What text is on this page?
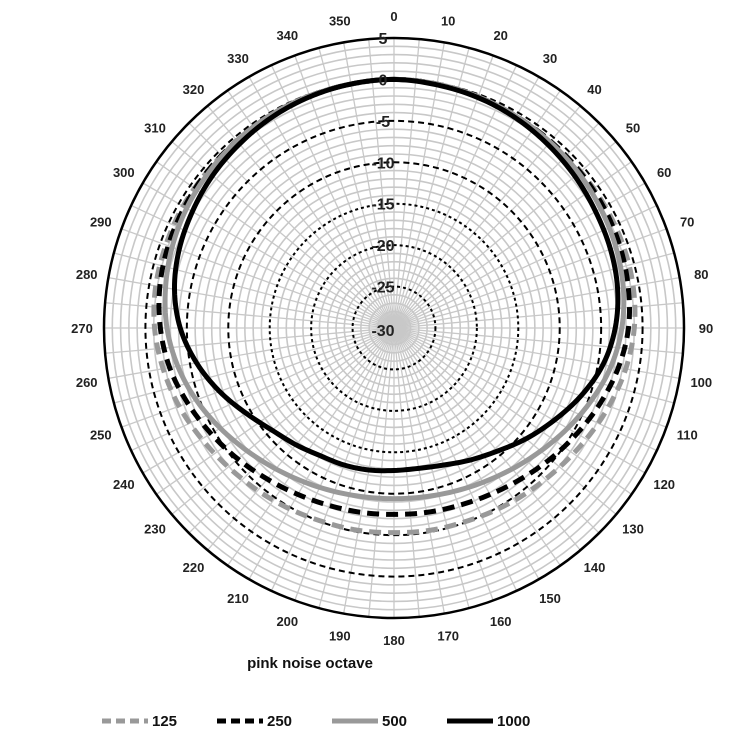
0	10
20
30
40
50
60
70
80
90
100
110
120
130
140
150
160
170
180
190
200
210
220
230
240
250
260
270
280
290
300
310
320
330
340
350
5
0
-5
-10
-15
-20
-25
-30
pink noise octave
125	250	500	1000
